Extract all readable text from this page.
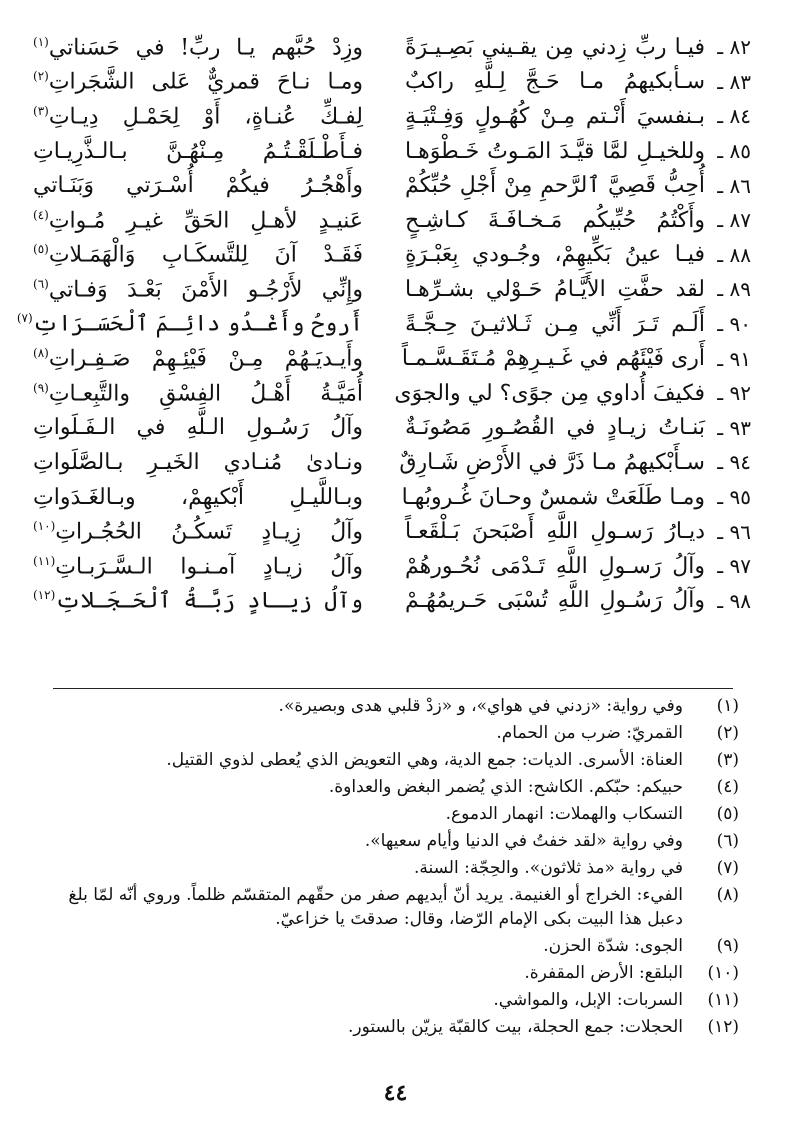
٨٢ ـ
فيـا ربِّ زِدني مِن يقـيني بَصِـيـرَةً
وزِدْ حُبَّهم يـا ربِّ! في حَسَناتي$^{(١)}$
٨٣ ـ
سـأبكيهمُ مـا حَـجَّ لِـلَّهِ راكبٌ
ومـا نـاحَ قمريٌّ عَلى الشَّجَراتِ$^{(٢)}$
٨٤ ـ
بـنفسيَ أَنْـتم مِـنْ كُهُـولٍ وَفِـتْيَـةٍ
لِفـكِّ عُنـاةٍ، أَوْ لِحَمْـلِ دِيـاتِ$^{(٣)}$
٨٥ ـ
وللخيـلِ لمَّا قيَّـدَ المَـوتُ خَـطْوَهـا
فـأَطْـلَقْـتُـمُ مِـنْهُـنَّ بـالـذَّرِيـاتِ
٨٦ ـ
أُحِبُّ قَصِيَّ ٱلرَّحمِ مِنْ أَجْلِ حُبِّكُمْ
وأَهْجُـرُ فيكُمْ أُسْـرَتي وَبَنَـاتي
٨٧ ـ
وأَكْتُمُ حُبِّيكُم مَـخـافَـةَ كـاشِـحٍ
عَنيـدٍ لأهـلِ الحَقِّ غيـرِ مُـواتِ$^{(٤)}$
٨٨ ـ
فيـا عينُ بَكِّيهِمْ، وجُـودي بِعَبْـرَةٍ
فَقَـدْ آنَ لِلتَّسكَـابِ وَالْهَمَـلاتِ$^{(٥)}$
٨٩ ـ
لقد حفَّتِ الأَيَّـامُ حَـوْلي بشـرِّهـا
وإِنِّي لأَرْجُـو الأَمْنَ بَعْـدَ وَفـاتي$^{(٦)}$
٩٠ ـ
أَلَـم تَـرَ أَنِّي مِـن ثَـلاثيـنَ حِـجَّـةً
أَروحُ وأَغْـدُو دائِـمَ ٱلْحَسَـرَاتِ$^{(٧)}$
٩١ ـ
أَرى فَيْئَهُم في غَـيـرِهِمْ مُـتَقَـسَّـمـاً
وأَيـديَـهُمْ مِـنْ فَيْئِـهِمْ صَـفِـراتِ$^{(٨)}$
٩٢ ـ
فكيفَ أُداوي مِن جوًى؟ لي والجوَى
أُمَيَّـةُ أَهْـلُ الفِسْقِ والتَّبِعـاتِ$^{(٩)}$
٩٣ ـ
بَنـاتُ زيـادٍ في القُصُـورِ مَصُونَـةٌ
وآلُ رَسُـولِ الـلَّهِ في الـفَـلَواتِ
٩٤ ـ
سـأَبْكيهمُ مـا ذَرَّ في الأَرْضِ شَـارِقٌ
ونـادىٰ مُنـادي الخَيـرِ بـالصَّلَواتِ
٩٥ ـ
ومـا طَلَعَتْ شمسٌ وحـانَ غُـروبُهـا
وبـاللَّيـلِ أَبْكيهِمْ، وبـالغَـدَواتِ
٩٦ ـ
ديـارُ رَسـولِ اللَّهِ أَصْبَحنَ بَـلْقَعـاً
وآلُ زِيـادٍ تَسكُـنُ الحُجُـراتِ$^{(١٠)}$
٩٧ ـ
وآلُ رَسـولِ اللَّهِ تَـدْمَى نُحُـورهُمْ
وآلُ زيـادٍ آمـنـوا الـسَّـرَبـاتِ$^{(١١)}$
٩٨ ـ
وآلُ رَسُـولِ اللَّهِ تُسْبَى حَـريمُهُـمْ
وآلُ زيـادٍ رَبَّـةُ ٱلْحَـجَـلاتِ$^{(١٢)}$
(١)
وفي رواية: «زدني في هواي»، و «زدْ قلبي هدى وبصيرة».
(٢)
القمريّ: ضرب من الحمام.
(٣)
العناة: الأسرى. الديات: جمع الدية، وهي التعويض الذي يُعطى لذوي القتيل.
(٤)
حبيكم: حبّكم. الكاشح: الذي يُضمر البغض والعداوة.
(٥)
التسكاب والهملات: انهمار الدموع.
(٦)
وفي رواية «لقد خفتُ في الدنيا وأيام سعيها».
(٧)
في رواية «مذ ثلاثون». والحِجّة: السنة.
(٨)
الفيء: الخراج أو الغنيمة. يريد أنّ أيديهم صفر من حقّهم المتقسّم ظلماً. وروي أنّه لمّا بلغ دعبل هذا البيت بكى الإمام الرّضا، وقال: صدقتَ يا خزاعيّ.
(٩)
الجوى: شدّة الحزن.
(١٠)
البلقع: الأرض المقفرة.
(١١)
السربات: الإبل، والمواشي.
(١٢)
الحجلات: جمع الحجلة، بيت كالقبّة يزيّن بالستور.
٤٤
